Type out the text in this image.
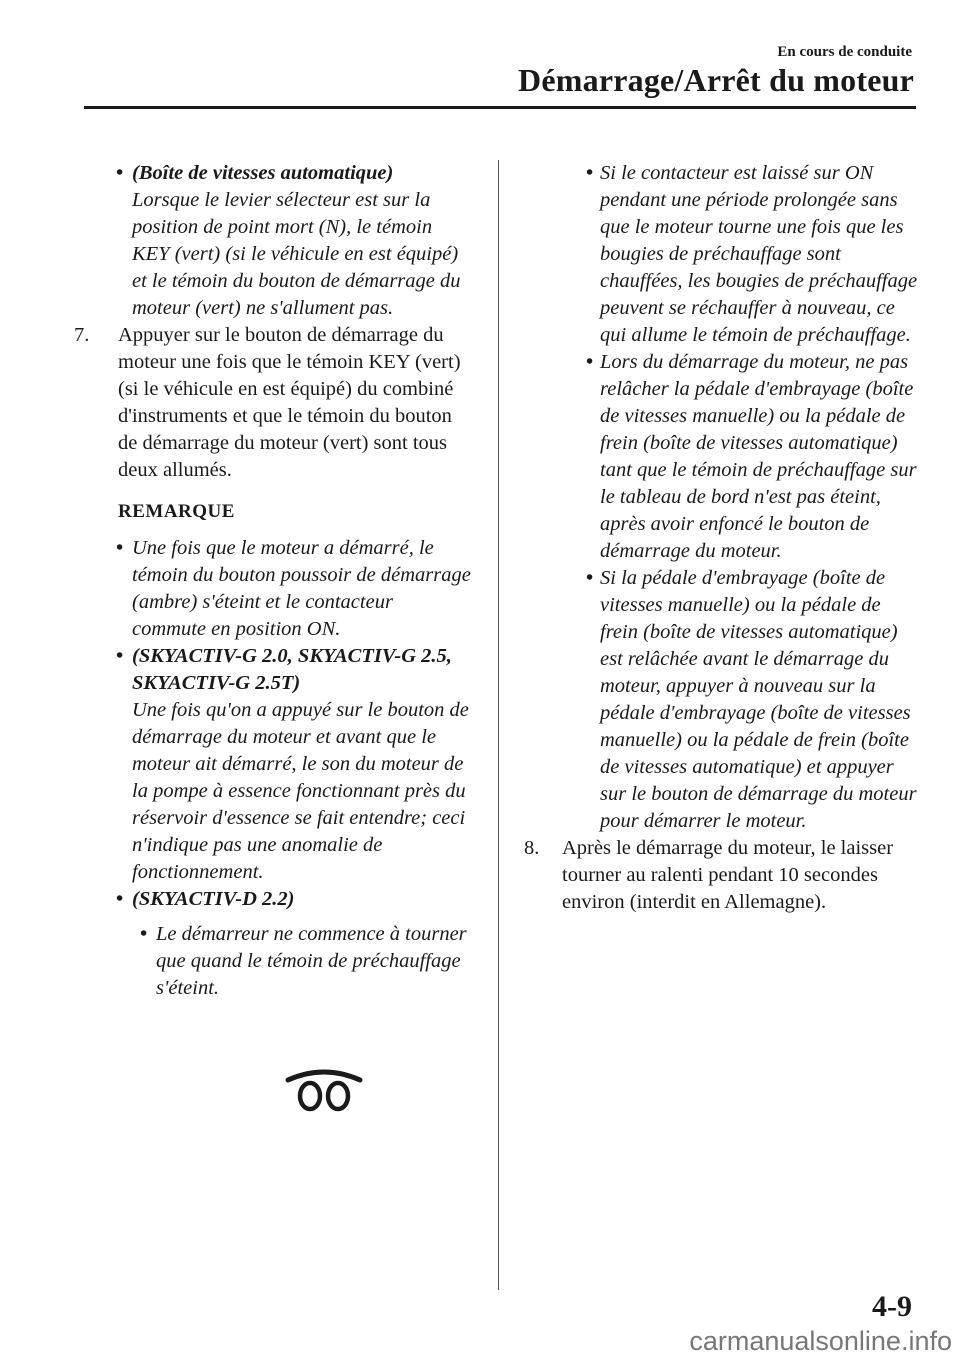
En cours de conduite
Démarrage/Arrêt du moteur
• (Boîte de vitesses automatique)
Lorsque le levier sélecteur est sur la position de point mort (N), le témoin KEY (vert) (si le véhicule en est équipé) et le témoin du bouton de démarrage du moteur (vert) ne s'allument pas.
7. Appuyer sur le bouton de démarrage du moteur une fois que le témoin KEY (vert) (si le véhicule en est équipé) du combiné d'instruments et que le témoin du bouton de démarrage du moteur (vert) sont tous deux allumés.
REMARQUE
• Une fois que le moteur a démarré, le témoin du bouton poussoir de démarrage (ambre) s'éteint et le contacteur commute en position ON.
• (SKYACTIV-G 2.0, SKYACTIV-G 2.5, SKYACTIV-G 2.5T)
Une fois qu'on a appuyé sur le bouton de démarrage du moteur et avant que le moteur ait démarré, le son du moteur de la pompe à essence fonctionnant près du réservoir d'essence se fait entendre; ceci n'indique pas une anomalie de fonctionnement.
• (SKYACTIV-D 2.2)
• Le démarreur ne commence à tourner que quand le témoin de préchauffage s'éteint.
• Si le contacteur est laissé sur ON pendant une période prolongée sans que le moteur tourne une fois que les bougies de préchauffage sont chauffées, les bougies de préchauffage peuvent se réchauffer à nouveau, ce qui allume le témoin de préchauffage.
• Lors du démarrage du moteur, ne pas relâcher la pédale d'embrayage (boîte de vitesses manuelle) ou la pédale de frein (boîte de vitesses automatique) tant que le témoin de préchauffage sur le tableau de bord n'est pas éteint, après avoir enfoncé le bouton de démarrage du moteur.
• Si la pédale d'embrayage (boîte de vitesses manuelle) ou la pédale de frein (boîte de vitesses automatique) est relâchée avant le démarrage du moteur, appuyer à nouveau sur la pédale d'embrayage (boîte de vitesses manuelle) ou la pédale de frein (boîte de vitesses automatique) et appuyer sur le bouton de démarrage du moteur pour démarrer le moteur.
8. Après le démarrage du moteur, le laisser tourner au ralenti pendant 10 secondes environ (interdit en Allemagne).
4-9
carmanualsonline.info
